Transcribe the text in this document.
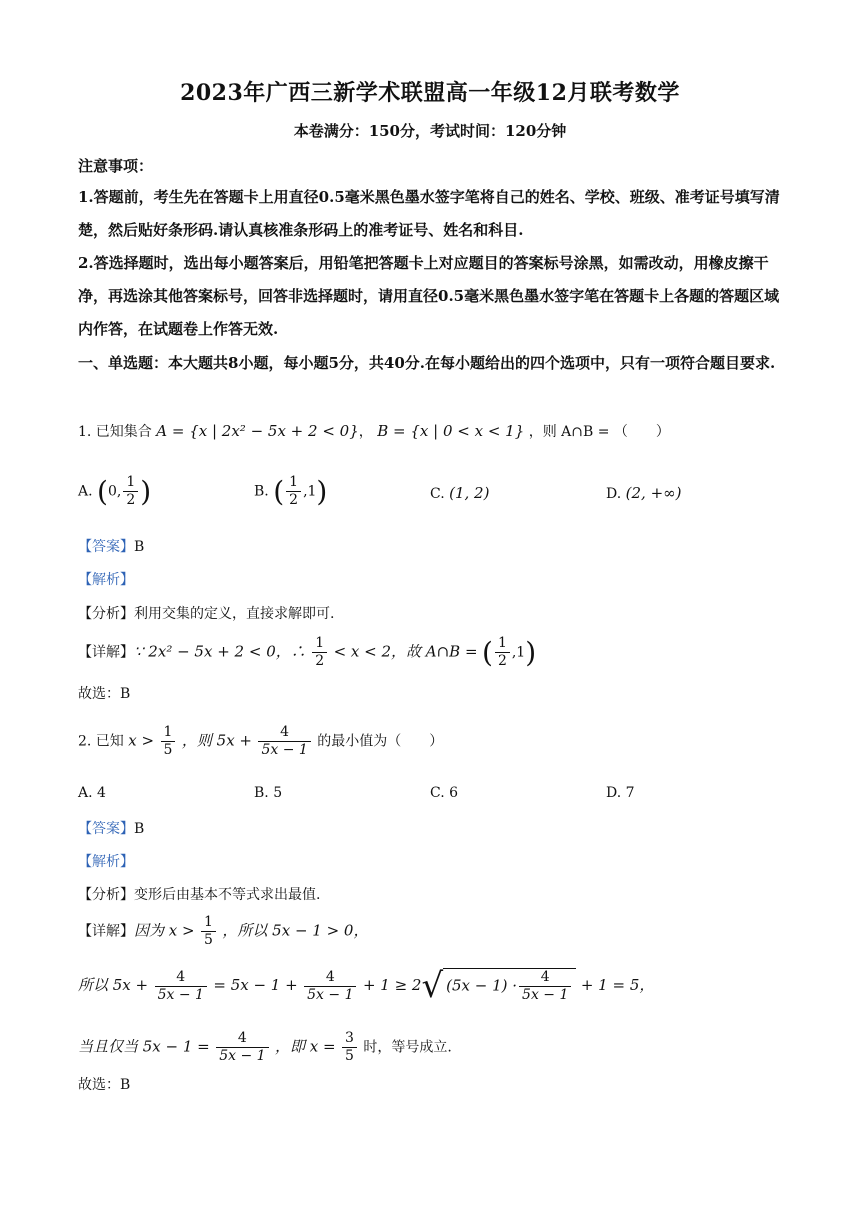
2023年广西三新学术联盟高一年级12月联考数学
本卷满分：150分，考试时间：120分钟
注意事项：
1.答题前，考生先在答题卡上用直径0.5毫米黑色墨水签字笔将自己的姓名、学校、班级、准考证号填写清楚，然后贴好条形码.请认真核准条形码上的准考证号、姓名和科目.
2.答选择题时，选出每小题答案后，用铅笔把答题卡上对应题目的答案标号涂黑，如需改动，用橡皮擦干净，再选涂其他答案标号，回答非选择题时，请用直径0.5毫米黑色墨水签字笔在答题卡上各题的答题区域内作答，在试题卷上作答无效.
一、单选题：本大题共8小题，每小题5分，共40分.在每小题给出的四个选项中，只有一项符合题目要求.
1. 已知集合 A = {x | 2x² − 5x + 2 < 0}， B = {x | 0 < x < 1} ，则 A∩B = （　　）
A. (0, $\frac{1}{2}$ )	B. ( $\frac{1}{2} ,1$)	C. (1, 2)	D. (2, +∞)
【答案】B
【解析】
【分析】利用交集的定义，直接求解即可.
【详解】∵ 2x² − 5x + 2 < 0，∴ $\frac{1}{2} < x < 2$，故 A∩B = ( $\frac{1}{2} ,1$)
故选：B
2. 已知 $x > \frac{1}{5}$ ，则 $5x + \frac{4}{5x - 1}$ 的最小值为（　　）
A. 4	B. 5	C. 6	D. 7
【答案】B
【解析】
【分析】变形后由基本不等式求出最值.
【详解】因为 $x > \frac{1}{5}$ ，所以 5x − 1 > 0，
所以 $5x + \frac{4}{5x - 1} = 5x - 1 + \frac{4}{5x - 1} + 1 \ge 2√$ $(5x - 1) \cdot \frac{4}{5x - 1} + 1 = 5$，
当且仅当 $5x - 1 = \frac{4}{5x - 1}$ ，即 $x = \frac{3}{5}$ 时，等号成立.
故选：B
